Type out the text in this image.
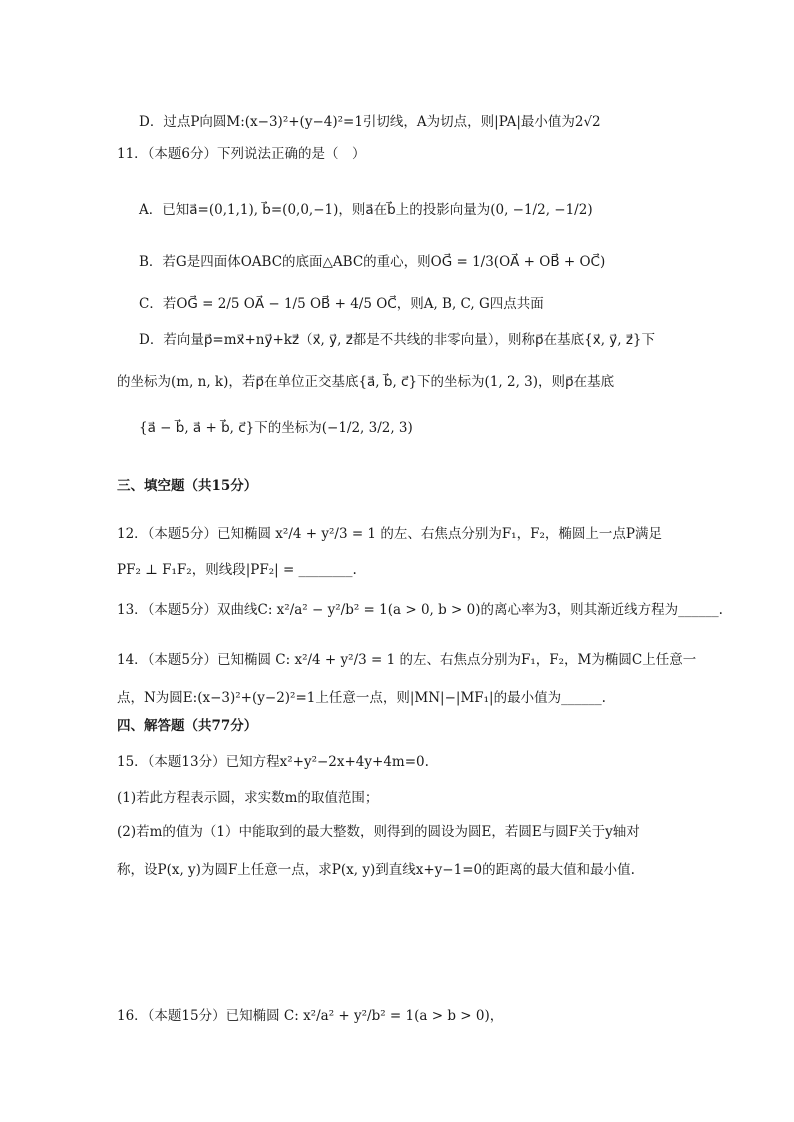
D．过点P向圆M:(x−3)²+(y−4)²=1引切线，A为切点，则|PA|最小值为2√2
11．（本题6分）下列说法正确的是（　）
A．已知a⃗=(0,1,1), b⃗=(0,0,−1)，则a⃗在b⃗上的投影向量为(0, −1/2, −1/2)
B．若G是四面体OABC的底面△ABC的重心，则OG⃗ = 1/3(OA⃗ + OB⃗ + OC⃗)
C．若OG⃗ = 2/5 OA⃗ − 1/5 OB⃗ + 4/5 OC⃗，则A, B, C, G四点共面
D．若向量p⃗=mx⃗+ny⃗+kz⃗（x⃗, y⃗, z⃗都是不共线的非零向量），则称p⃗在基底{x⃗, y⃗, z⃗}下
的坐标为(m, n, k)，若p⃗在单位正交基底{a⃗, b⃗, c⃗}下的坐标为(1, 2, 3)，则p⃗在基底
{a⃗ − b⃗, a⃗ + b⃗, c⃗}下的坐标为(−1/2, 3/2, 3)
三、填空题（共15分）
12．（本题5分）已知椭圆 x²/4 + y²/3 = 1 的左、右焦点分别为F₁，F₂，椭圆上一点P满足
PF₂ ⊥ F₁F₂，则线段|PF₂| = ________.
13．（本题5分）双曲线C: x²/a² − y²/b² = 1(a > 0, b > 0)的离心率为3，则其渐近线方程为______.
14．（本题5分）已知椭圆 C: x²/4 + y²/3 = 1 的左、右焦点分别为F₁，F₂，M为椭圆C上任意一
点，N为圆E:(x−3)²+(y−2)²=1上任意一点，则|MN|−|MF₁|的最小值为______.
四、解答题（共77分）
15．（本题13分）已知方程x²+y²−2x+4y+4m=0.
(1)若此方程表示圆，求实数m的取值范围；
(2)若m的值为（1）中能取到的最大整数，则得到的圆设为圆E，若圆E与圆F关于y轴对
称，设P(x, y)为圆F上任意一点，求P(x, y)到直线x+y−1=0的距离的最大值和最小值.
16．（本题15分）已知椭圆 C: x²/a² + y²/b² = 1(a > b > 0)，
